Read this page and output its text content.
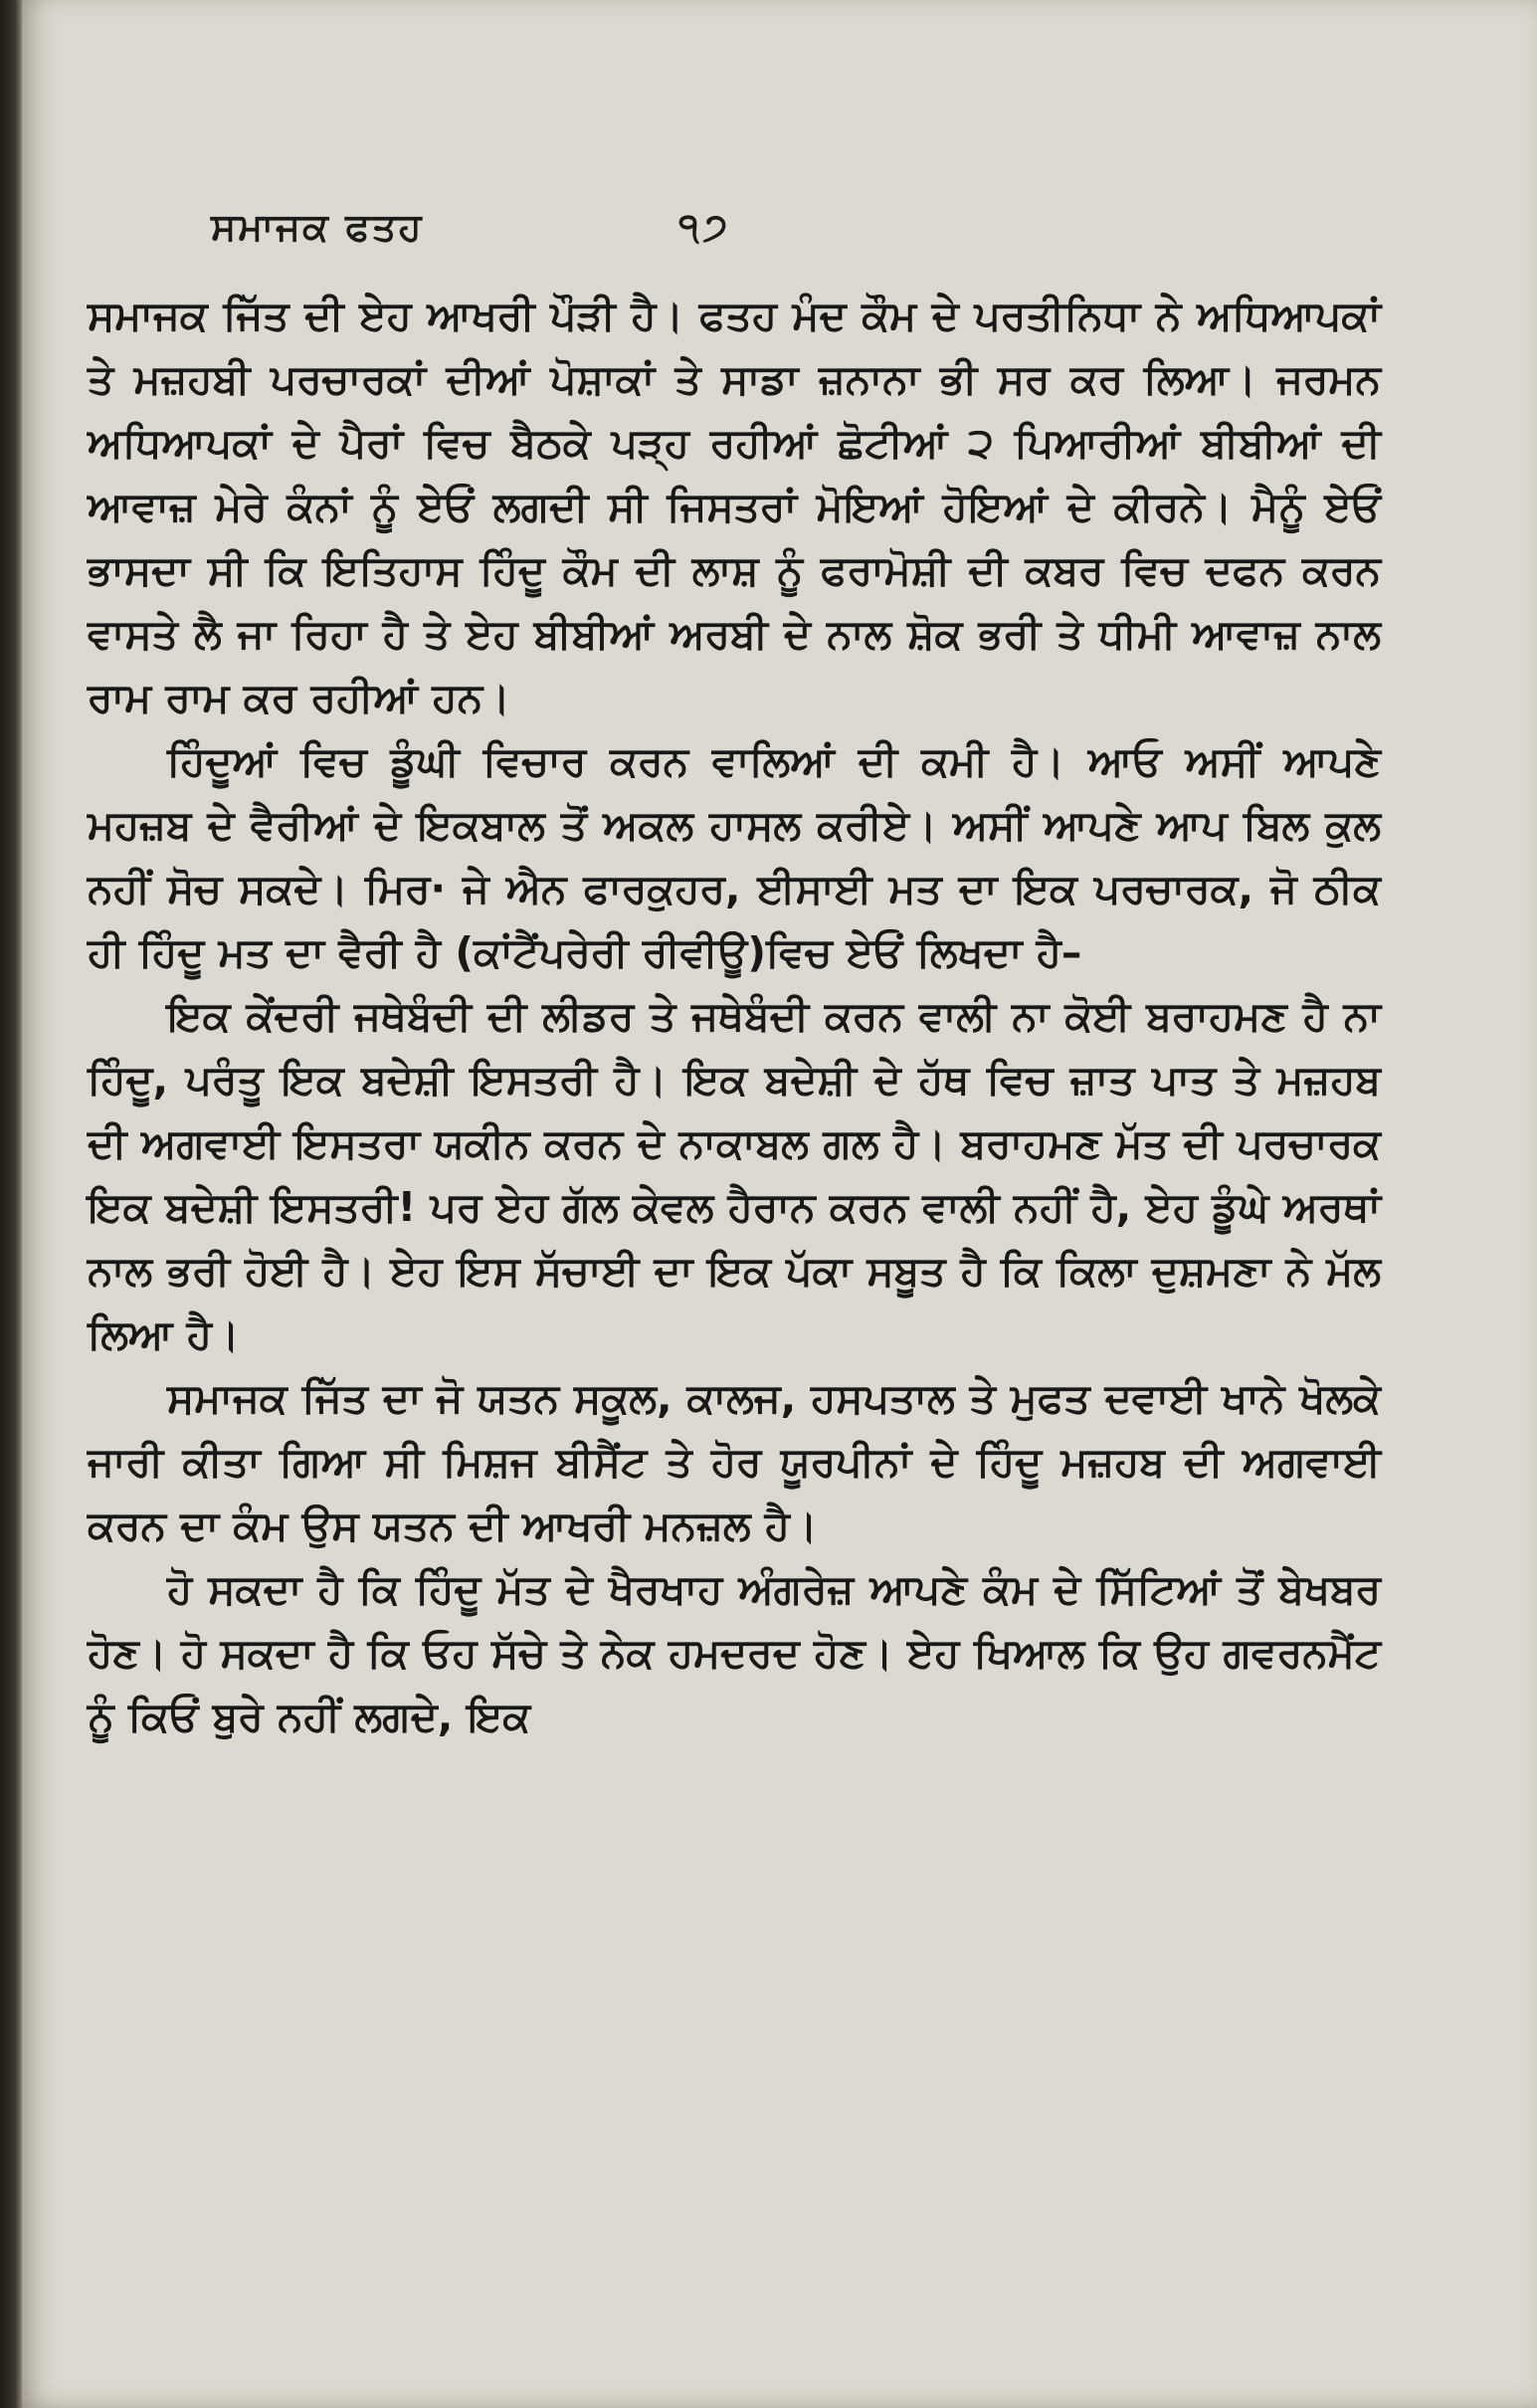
ਸਮਾਜਕ ਫਤਹ	੧੭

ਸਮਾਜਕ ਜਿੱਤ ਦੀ ਏਹ ਆਖਰੀ ਪੌੜੀ ਹੈ। ਫਤਹ ਮੰਦ ਕੌਮ ਦੇ ਪਰਤੀਨਿਧਾ ਨੇ ਅਧਿਆਪਕਾਂ ਤੇ ਮਜ਼ਹਬੀ ਪਰਚਾਰਕਾਂ ਦੀਆਂ ਪੋਸ਼ਾਕਾਂ ਤੇ ਸਾਡਾ ਜ਼ਨਾਨਾ ਭੀ ਸਰ ਕਰ ਲਿਆ। ਜਰਮਨ ਅਧਿਆਪਕਾਂ ਦੇ ਪੈਰਾਂ ਵਿਚ ਬੈਠਕੇ ਪੜ੍ਹ ਰਹੀਆਂ ਛੋਟੀਆਂ ੨ ਪਿਆਰੀਆਂ ਬੀਬੀਆਂ ਦੀ ਆਵਾਜ਼ ਮੇਰੇ ਕੰਨਾਂ ਨੂੰ ਏਓਂ ਲਗਦੀ ਸੀ ਜਿਸਤਰਾਂ ਮੋਇਆਂ ਹੋਇਆਂ ਦੇ ਕੀਰਨੇ। ਮੈਨੂੰ ਏਓਂ ਭਾਸਦਾ ਸੀ ਕਿ ਇਤਿਹਾਸ ਹਿੰਦੂ ਕੌਮ ਦੀ ਲਾਸ਼ ਨੂੰ ਫਰਾਮੋਸ਼ੀ ਦੀ ਕਬਰ ਵਿਚ ਦਫਨ ਕਰਨ ਵਾਸਤੇ ਲੈ ਜਾ ਰਿਹਾ ਹੈ ਤੇ ਏਹ ਬੀਬੀਆਂ ਅਰਬੀ ਦੇ ਨਾਲ ਸ਼ੋਕ ਭਰੀ ਤੇ ਧੀਮੀ ਆਵਾਜ਼ ਨਾਲ ਰਾਮ ਰਾਮ ਕਰ ਰਹੀਆਂ ਹਨ।

ਹਿੰਦੂਆਂ ਵਿਚ ਡੂੰਘੀ ਵਿਚਾਰ ਕਰਨ ਵਾਲਿਆਂ ਦੀ ਕਮੀ ਹੈ। ਆਓ ਅਸੀਂ ਆਪਣੇ ਮਹਜ਼ਬ ਦੇ ਵੈਰੀਆਂ ਦੇ ਇਕਬਾਲ ਤੋਂ ਅਕਲ ਹਾਸਲ ਕਰੀਏ। ਅਸੀਂ ਆਪਣੇ ਆਪ ਬਿਲ ਕੁਲ ਨਹੀਂ ਸੋਚ ਸਕਦੇ। ਮਿਰ· ਜੇ ਐਨ ਫਾਰਕੁਹਰ, ਈਸਾਈ ਮਤ ਦਾ ਇਕ ਪਰਚਾਰਕ, ਜੋ ਠੀਕ ਹੀ ਹਿੰਦੂ ਮਤ ਦਾ ਵੈਰੀ ਹੈ (ਕਾਂਟੈਂਪਰੇਰੀ ਰੀਵੀਊ)ਵਿਚ ਏਓਂ ਲਿਖਦਾ ਹੈ–

ਇਕ ਕੇਂਦਰੀ ਜਥੇਬੰਦੀ ਦੀ ਲੀਡਰ ਤੇ ਜਥੇਬੰਦੀ ਕਰਨ ਵਾਲੀ ਨਾ ਕੋਈ ਬਰਾਹਮਣ ਹੈ ਨਾ ਹਿੰਦੂ, ਪਰੰਤੂ ਇਕ ਬਦੇਸ਼ੀ ਇਸਤਰੀ ਹੈ। ਇਕ ਬਦੇਸ਼ੀ ਦੇ ਹੱਥ ਵਿਚ ਜ਼ਾਤ ਪਾਤ ਤੇ ਮਜ਼ਹਬ ਦੀ ਅਗਵਾਈ ਇਸਤਰਾ ਯਕੀਨ ਕਰਨ ਦੇ ਨਾਕਾਬਲ ਗਲ ਹੈ। ਬਰਾਹਮਣ ਮੱਤ ਦੀ ਪਰਚਾਰਕ ਇਕ ਬਦੇਸ਼ੀ ਇਸਤਰੀ! ਪਰ ਏਹ ਗੱਲ ਕੇਵਲ ਹੈਰਾਨ ਕਰਨ ਵਾਲੀ ਨਹੀਂ ਹੈ, ਏਹ ਡੂੰਘੇ ਅਰਥਾਂ ਨਾਲ ਭਰੀ ਹੋਈ ਹੈ। ਏਹ ਇਸ ਸੱਚਾਈ ਦਾ ਇਕ ਪੱਕਾ ਸਬੂਤ ਹੈ ਕਿ ਕਿਲਾ ਦੁਸ਼ਮਣਾ ਨੇ ਮੱਲ ਲਿਆ ਹੈ।

ਸਮਾਜਕ ਜਿੱਤ ਦਾ ਜੋ ਯਤਨ ਸਕੂਲ, ਕਾਲਜ, ਹਸਪਤਾਲ ਤੇ ਮੁਫਤ ਦਵਾਈ ਖਾਨੇ ਖੋਲਕੇ ਜਾਰੀ ਕੀਤਾ ਗਿਆ ਸੀ ਮਿਸ਼ਜ ਬੀਸੈਂਟ ਤੇ ਹੋਰ ਯੂਰਪੀਨਾਂ ਦੇ ਹਿੰਦੂ ਮਜ਼ਹਬ ਦੀ ਅਗਵਾਈ ਕਰਨ ਦਾ ਕੰਮ ਉਸ ਯਤਨ ਦੀ ਆਖਰੀ ਮਨਜ਼ਲ ਹੈ।

ਹੋ ਸਕਦਾ ਹੈ ਕਿ ਹਿੰਦੂ ਮੱਤ ਦੇ ਖੈਰਖਾਹ ਅੰਗਰੇਜ਼ ਆਪਣੇ ਕੰਮ ਦੇ ਸਿੱਟਿਆਂ ਤੋਂ ਬੇਖਬਰ ਹੋਣ। ਹੋ ਸਕਦਾ ਹੈ ਕਿ ਓਹ ਸੱਚੇ ਤੇ ਨੇਕ ਹਮਦਰਦ ਹੋਣ। ਏਹ ਖਿਆਲ ਕਿ ਉਹ ਗਵਰਨਮੈਂਟ ਨੂੰ ਕਿਓਂ ਬੁਰੇ ਨਹੀਂ ਲਗਦੇ, ਇਕ
